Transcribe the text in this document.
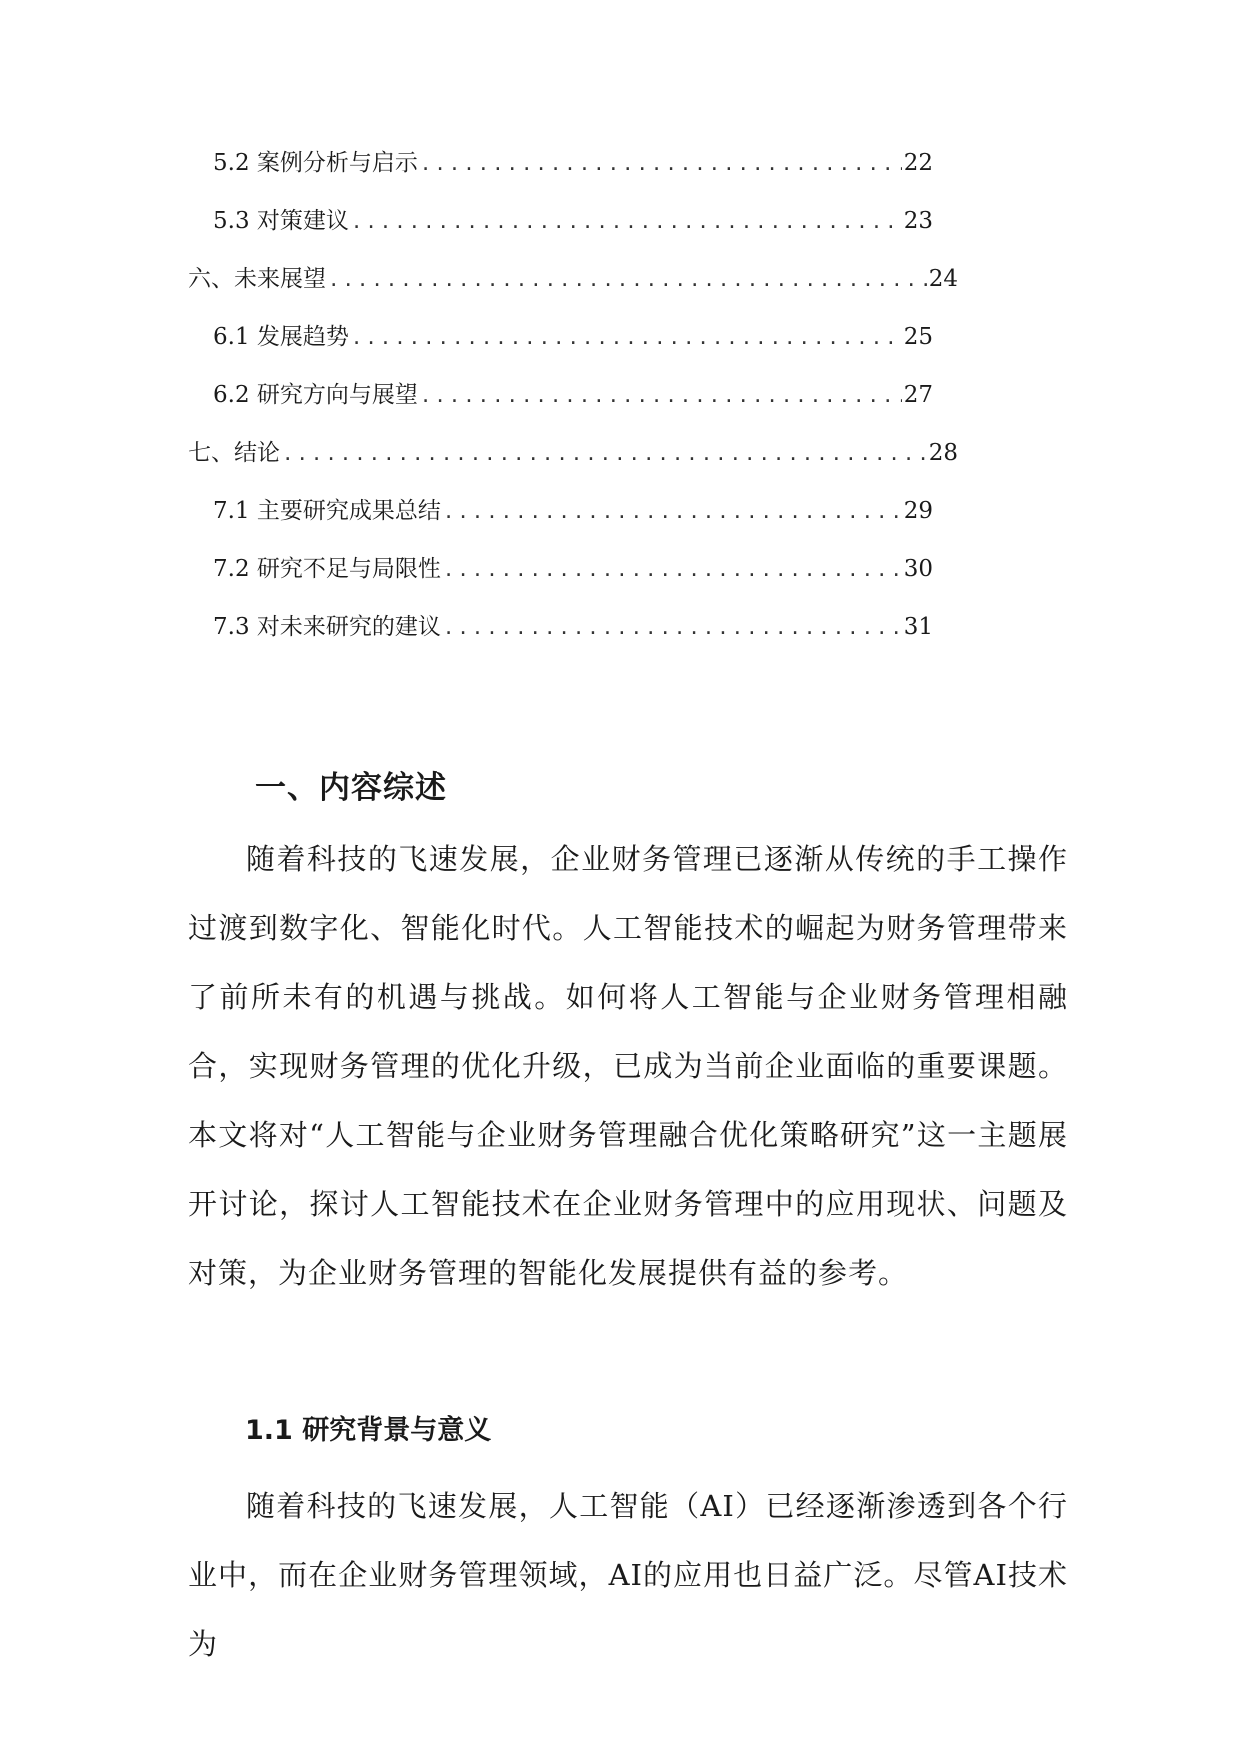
5.2 案例分析与启示 .....	22
5.3 对策建议 .....	23
六、未来展望 .....	24
6.1 发展趋势 .....	25
6.2 研究方向与展望 .....	27
七、结论 .....	28
7.1 主要研究成果总结 .....	29
7.2 研究不足与局限性 .....	30
7.3 对未来研究的建议 .....	31
一、内容综述

随着科技的飞速发展，企业财务管理已逐渐从传统的手工操作过渡到数字化、智能化时代。人工智能技术的崛起为财务管理带来了前所未有的机遇与挑战。如何将人工智能与企业财务管理相融合，实现财务管理的优化升级，已成为当前企业面临的重要课题。本文将对“人工智能与企业财务管理融合优化策略研究”这一主题展开讨论，探讨人工智能技术在企业财务管理中的应用现状、问题及对策，为企业财务管理的智能化发展提供有益的参考。

1.1 研究背景与意义

随着科技的飞速发展，人工智能（AI）已经逐渐渗透到各个行业中，而在企业财务管理领域，AI的应用也日益广泛。尽管AI技术为
